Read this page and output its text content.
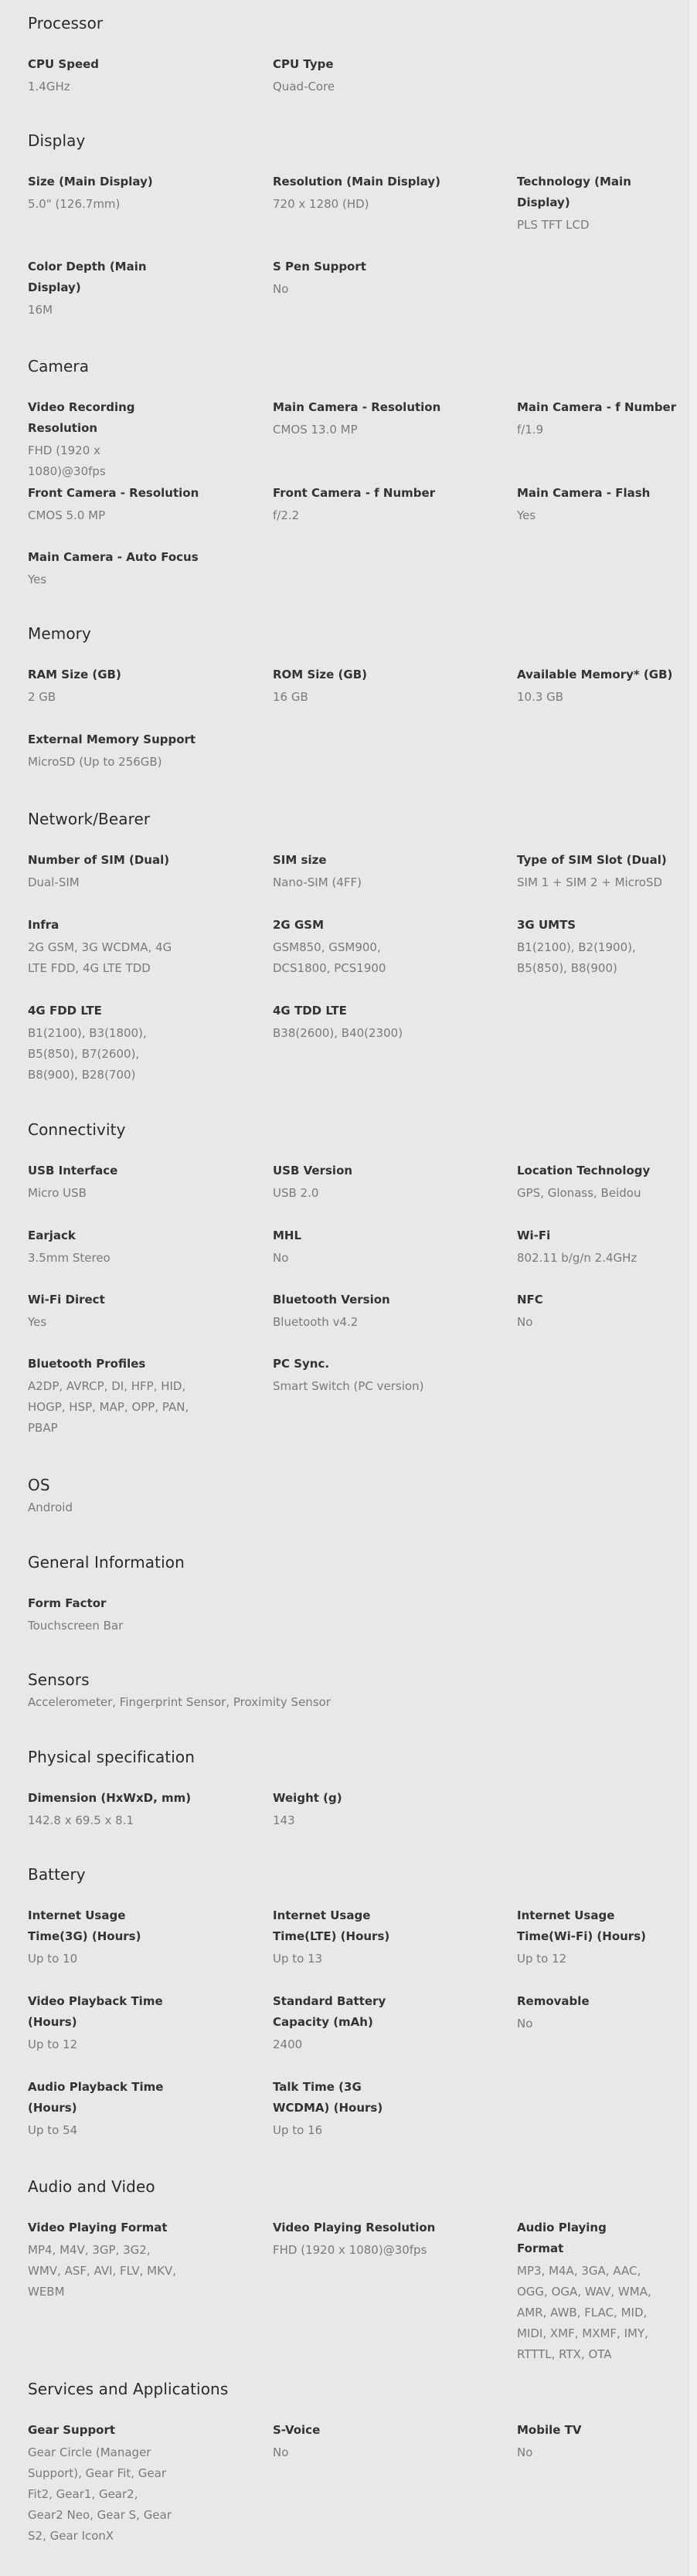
Processor
CPU Speed
1.4GHz
CPU Type
Quad-Core
Display
Size (Main Display)
5.0" (126.7mm)
Resolution (Main Display)
720 x 1280 (HD)
Technology (Main Display)
PLS TFT LCD
Color Depth (Main Display)
16M
S Pen Support
No
Camera
Video Recording Resolution
FHD (1920 x 1080)@30fps
Main Camera - Resolution
CMOS 13.0 MP
Main Camera - f Number
f/1.9
Front Camera - Resolution
CMOS 5.0 MP
Front Camera - f Number
f/2.2
Main Camera - Flash
Yes
Main Camera - Auto Focus
Yes
Memory
RAM Size (GB)
2 GB
ROM Size (GB)
16 GB
Available Memory* (GB)
10.3 GB
External Memory Support
MicroSD (Up to 256GB)
Network/Bearer
Number of SIM (Dual)
Dual-SIM
SIM size
Nano-SIM (4FF)
Type of SIM Slot (Dual)
SIM 1 + SIM 2 + MicroSD
Infra
2G GSM, 3G WCDMA, 4G LTE FDD, 4G LTE TDD
2G GSM
GSM850, GSM900, DCS1800, PCS1900
3G UMTS
B1(2100), B2(1900), B5(850), B8(900)
4G FDD LTE
B1(2100), B3(1800), B5(850), B7(2600), B8(900), B28(700)
4G TDD LTE
B38(2600), B40(2300)
Connectivity
USB Interface
Micro USB
USB Version
USB 2.0
Location Technology
GPS, Glonass, Beidou
Earjack
3.5mm Stereo
MHL
No
Wi-Fi
802.11 b/g/n 2.4GHz
Wi-Fi Direct
Yes
Bluetooth Version
Bluetooth v4.2
NFC
No
Bluetooth Profiles
A2DP, AVRCP, DI, HFP, HID, HOGP, HSP, MAP, OPP, PAN, PBAP
PC Sync.
Smart Switch (PC version)
OS
Android
General Information
Form Factor
Touchscreen Bar
Sensors
Accelerometer, Fingerprint Sensor, Proximity Sensor
Physical specification
Dimension (HxWxD, mm)
142.8 x 69.5 x 8.1
Weight (g)
143
Battery
Internet Usage Time(3G) (Hours)
Up to 10
Internet Usage Time(LTE) (Hours)
Up to 13
Internet Usage Time(Wi-Fi) (Hours)
Up to 12
Video Playback Time (Hours)
Up to 12
Standard Battery Capacity (mAh)
2400
Removable
No
Audio Playback Time (Hours)
Up to 54
Talk Time (3G WCDMA) (Hours)
Up to 16
Audio and Video
Video Playing Format
MP4, M4V, 3GP, 3G2, WMV, ASF, AVI, FLV, MKV, WEBM
Video Playing Resolution
FHD (1920 x 1080)@30fps
Audio Playing Format
MP3, M4A, 3GA, AAC, OGG, OGA, WAV, WMA, AMR, AWB, FLAC, MID, MIDI, XMF, MXMF, IMY, RTTTL, RTX, OTA
Services and Applications
Gear Support
Gear Circle (Manager Support), Gear Fit, Gear Fit2, Gear1, Gear2, Gear2 Neo, Gear S, Gear S2, Gear IconX
S-Voice
No
Mobile TV
No
